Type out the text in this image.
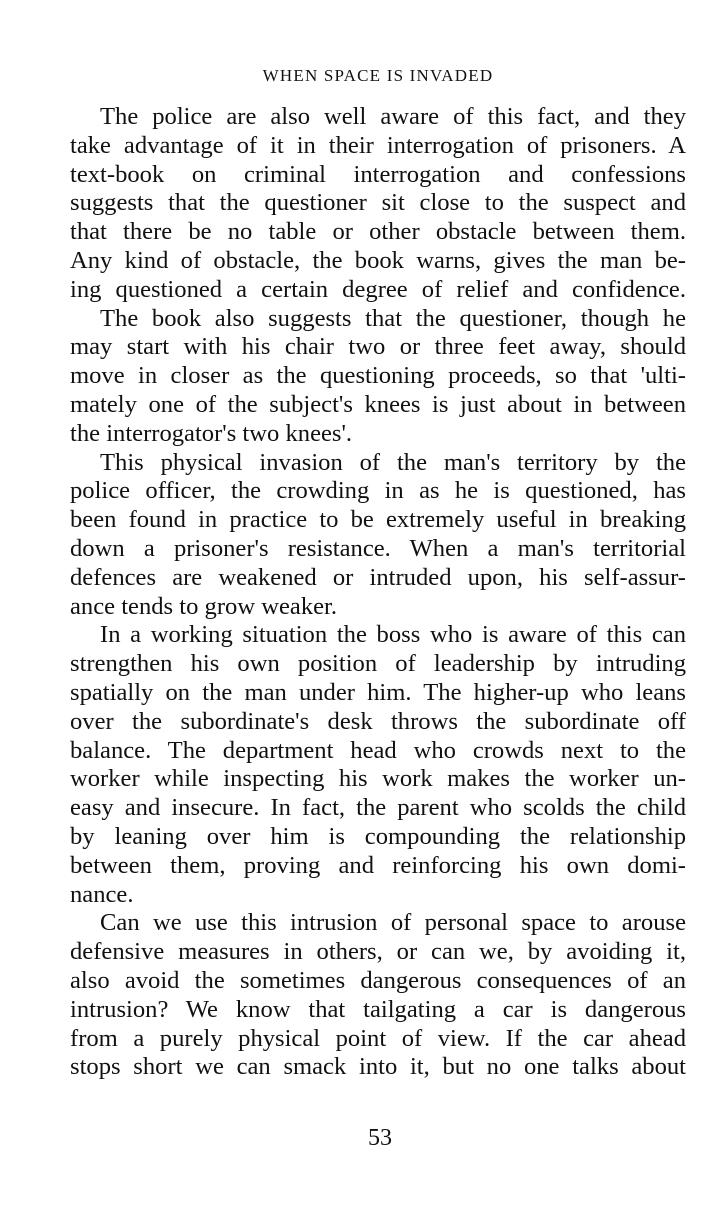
WHEN SPACE IS INVADED
The police are also well aware of this fact, and they
take advantage of it in their interrogation of prisoners. A
text-book on criminal interrogation and confessions
suggests that the questioner sit close to the suspect and
that there be no table or other obstacle between them.
Any kind of obstacle, the book warns, gives the man be-
ing questioned a certain degree of relief and confidence.
The book also suggests that the questioner, though he
may start with his chair two or three feet away, should
move in closer as the questioning proceeds, so that 'ulti-
mately one of the subject's knees is just about in between
the interrogator's two knees'.
This physical invasion of the man's territory by the
police officer, the crowding in as he is questioned, has
been found in practice to be extremely useful in breaking
down a prisoner's resistance. When a man's territorial
defences are weakened or intruded upon, his self-assur-
ance tends to grow weaker.
In a working situation the boss who is aware of this can
strengthen his own position of leadership by intruding
spatially on the man under him. The higher-up who leans
over the subordinate's desk throws the subordinate off
balance. The department head who crowds next to the
worker while inspecting his work makes the worker un-
easy and insecure. In fact, the parent who scolds the child
by leaning over him is compounding the relationship
between them, proving and reinforcing his own domi-
nance.
Can we use this intrusion of personal space to arouse
defensive measures in others, or can we, by avoiding it,
also avoid the sometimes dangerous consequences of an
intrusion? We know that tailgating a car is dangerous
from a purely physical point of view. If the car ahead
stops short we can smack into it, but no one talks about
53
